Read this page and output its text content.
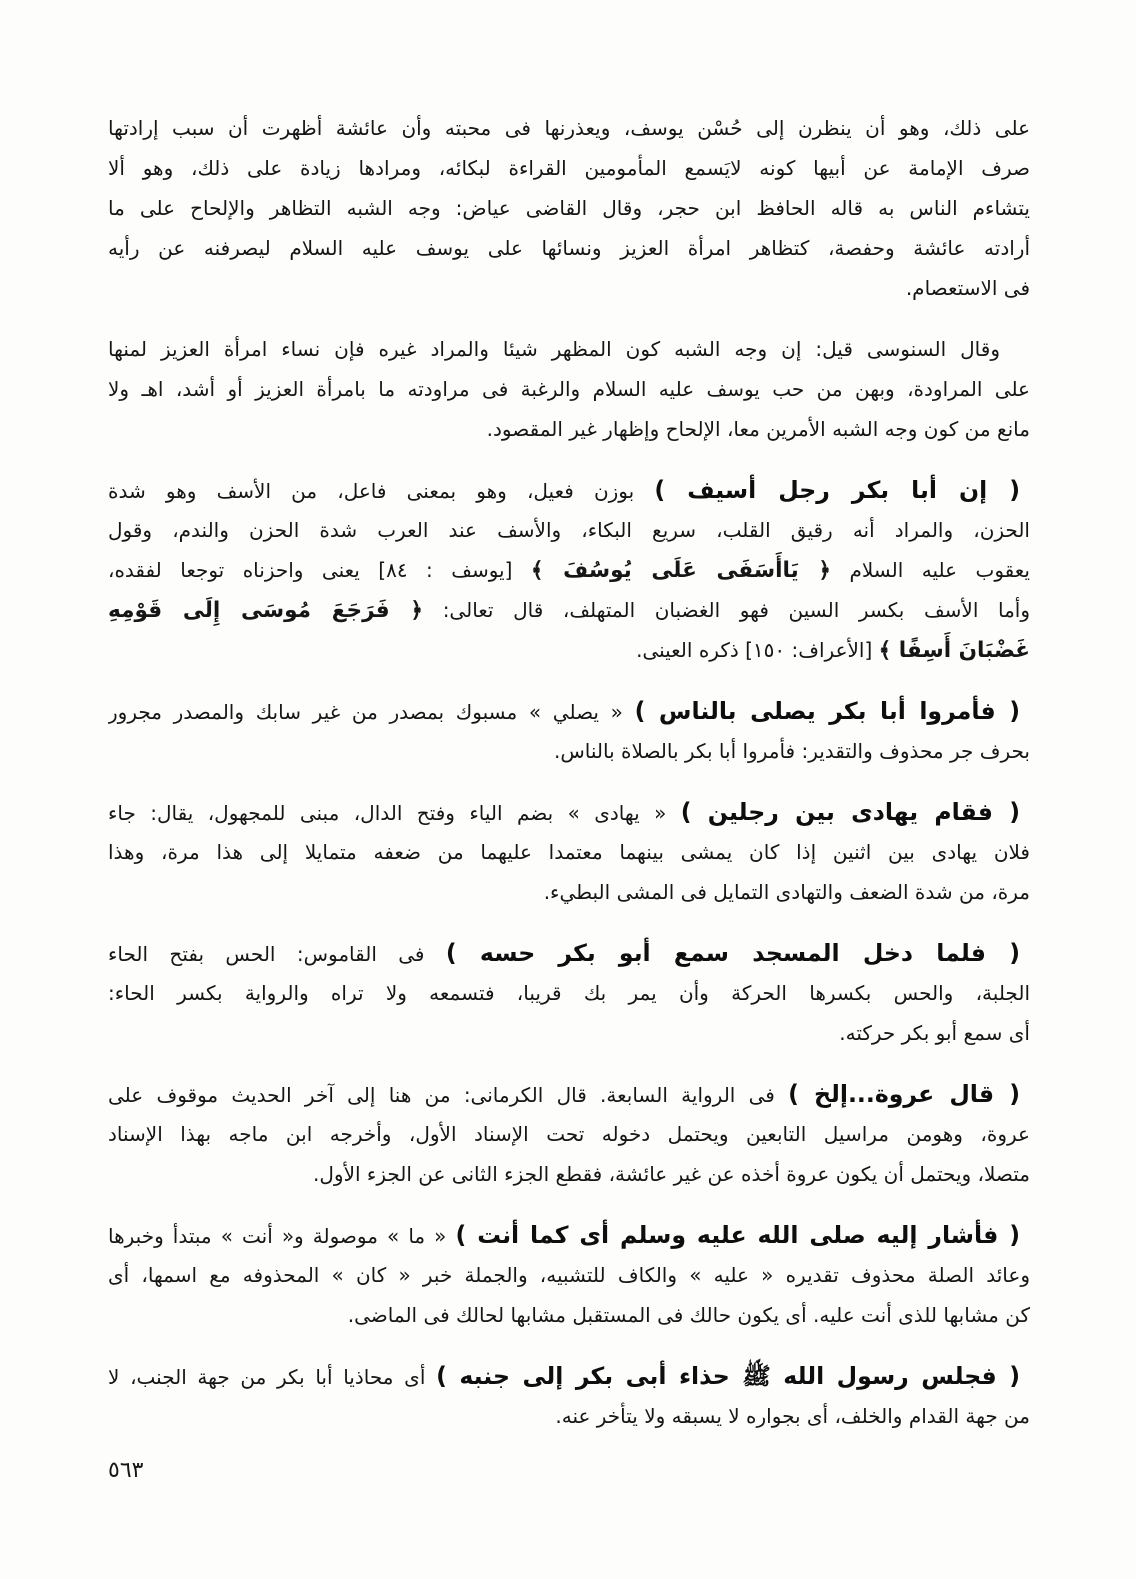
على ذلك، وهو أن ينظرن إلى حُسْن يوسف، ويعذرنها فى محبته وأن عائشة أظهرت أن سبب إرادتها
صرف الإمامة عن أبيها كونه لايَسمع المأمومين القراءة لبكائه، ومرادها زيادة على ذلك، وهو ألا
يتشاءم الناس به قاله الحافظ ابن حجر، وقال القاضى عياض: وجه الشبه التظاهر والإلحاح على ما
أرادته عائشة وحفصة، كتظاهر امرأة العزيز ونسائها على يوسف عليه السلام ليصرفنه عن رأيه
فى الاستعصام.
وقال السنوسى قيل: إن وجه الشبه كون المظهر شيئا والمراد غيره فإن نساء امرأة العزيز لمنها
على المراودة، وبهن من حب يوسف عليه السلام والرغبة فى مراودته ما بامرأة العزيز أو أشد، اهـ ولا
مانع من كون وجه الشبه الأمرين معا، الإلحاح وإظهار غير المقصود.
( إن أبا بكر رجل أسيف ) بوزن فعيل، وهو بمعنى فاعل، من الأسف وهو شدة
الحزن، والمراد أنه رقيق القلب، سريع البكاء، والأسف عند العرب شدة الحزن والندم، وقول
يعقوب عليه السلام ﴿ يَاأَسَفَى عَلَى يُوسُفَ ﴾ [يوسف : ٨٤] يعنى واحزناه توجعا لفقده،
وأما الأسف بكسر السين فهو الغضبان المتهلف، قال تعالى: ﴿ فَرَجَعَ مُوسَى إِلَى قَوْمِهِ
غَضْبَانَ أَسِفًا ﴾ [الأعراف: ١٥٠] ذكره العينى.
( فأمروا أبا بكر يصلى بالناس ) « يصلي » مسبوك بمصدر من غير سابك والمصدر مجرور
بحرف جر محذوف والتقدير: فأمروا أبا بكر بالصلاة بالناس.
( فقام يهادى بين رجلين ) « يهادى » بضم الياء وفتح الدال، مبنى للمجهول، يقال: جاء
فلان يهادى بين اثنين إذا كان يمشى بينهما معتمدا عليهما من ضعفه متمايلا إلى هذا مرة، وهذا
مرة، من شدة الضعف والتهادى التمايل فى المشى البطيء.
( فلما دخل المسجد سمع أبو بكر حسه ) فى القاموس: الحس بفتح الحاء
الجلبة، والحس بكسرها الحركة وأن يمر بك قريبا، فتسمعه ولا تراه والرواية بكسر الحاء:
أى سمع أبو بكر حركته.
( قال عروة...إلخ ) فى الرواية السابعة. قال الكرمانى: من هنا إلى آخر الحديث موقوف على
عروة، وهومن مراسيل التابعين ويحتمل دخوله تحت الإسناد الأول، وأخرجه ابن ماجه بهذا الإسناد
متصلا، ويحتمل أن يكون عروة أخذه عن غير عائشة، فقطع الجزء الثانى عن الجزء الأول.
( فأشار إليه صلى الله عليه وسلم أى كما أنت ) « ما » موصولة و« أنت » مبتدأ وخبرها
وعائد الصلة محذوف تقديره « عليه » والكاف للتشبيه، والجملة خبر « كان » المحذوفه مع اسمها، أى
كن مشابها للذى أنت عليه. أى يكون حالك فى المستقبل مشابها لحالك فى الماضى.
( فجلس رسول الله ﷺ حذاء أبى بكر إلى جنبه ) أى محاذيا أبا بكر من جهة الجنب، لا
من جهة القدام والخلف، أى بجواره لا يسبقه ولا يتأخر عنه.
٥٦٣
